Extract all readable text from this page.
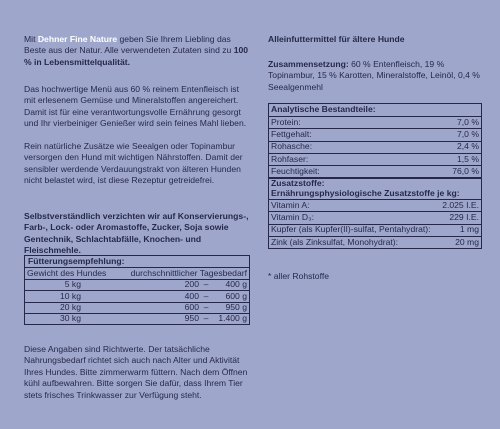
Mit Dehner Fine Nature geben Sie Ihrem Liebling das Beste aus der Natur. Alle verwendeten Zutaten sind zu 100 % in Lebensmittelqualität.

Das hochwertige Menü aus 60 % reinem Entenfleisch ist mit erlesenem Gemüse und Mineralstoffen angereichert. Damit ist für eine verantwortungsvolle Ernährung gesorgt und Ihr vierbeiniger Genießer wird sein feines Mahl lieben.

Rein natürliche Zusätze wie Seealgen oder Topinambur versorgen den Hund mit wichtigen Nährstoffen. Damit der sensibler werdende Verdauungstrakt von älteren Hunden nicht belastet wird, ist diese Rezeptur getreidefrei.

Selbstverständlich verzichten wir auf Konservierungs-, Farb-, Lock- oder Aromastoffe, Zucker, Soja sowie Gentechnik, Schlachtabfälle, Knochen- und Fleischmehle.

Fütterungsempfehlung:
Gewicht des Hundes	durchschnittlicher Tagesbedarf
5 kg	200 –	400 g
10 kg	400 –	600 g
20 kg	600 –	950 g
30 kg	950 –	1.400 g

Diese Angaben sind Richtwerte. Der tatsächliche Nahrungsbedarf richtet sich auch nach Alter und Aktivität Ihres Hundes. Bitte zimmerwarm füttern. Nach dem Öffnen kühl aufbewahren. Bitte sorgen Sie dafür, dass Ihrem Tier stets frisches Trinkwasser zur Verfügung steht.

Alleinfuttermittel für ältere Hunde

Zusammensetzung: 60 % Entenfleisch, 19 % Topinambur, 15 % Karotten, Mineralstoffe, Leinöl, 0,4 % Seealgenmehl

Analytische Bestandteile:
Protein:	7,0 %
Fettgehalt:	7,0 %
Rohasche:	2,4 %
Rohfaser:	1,5 %
Feuchtigkeit:	76,0 %
Zusatzstoffe:
Ernährungsphysiologische Zusatzstoffe je kg:
Vitamin A:	2.025 I.E.
Vitamin D₃:	229 I.E.
Kupfer (als Kupfer(II)-sulfat, Pentahydrat):	1 mg
Zink (als Zinksulfat, Monohydrat):	20 mg

* aller Rohstoffe
